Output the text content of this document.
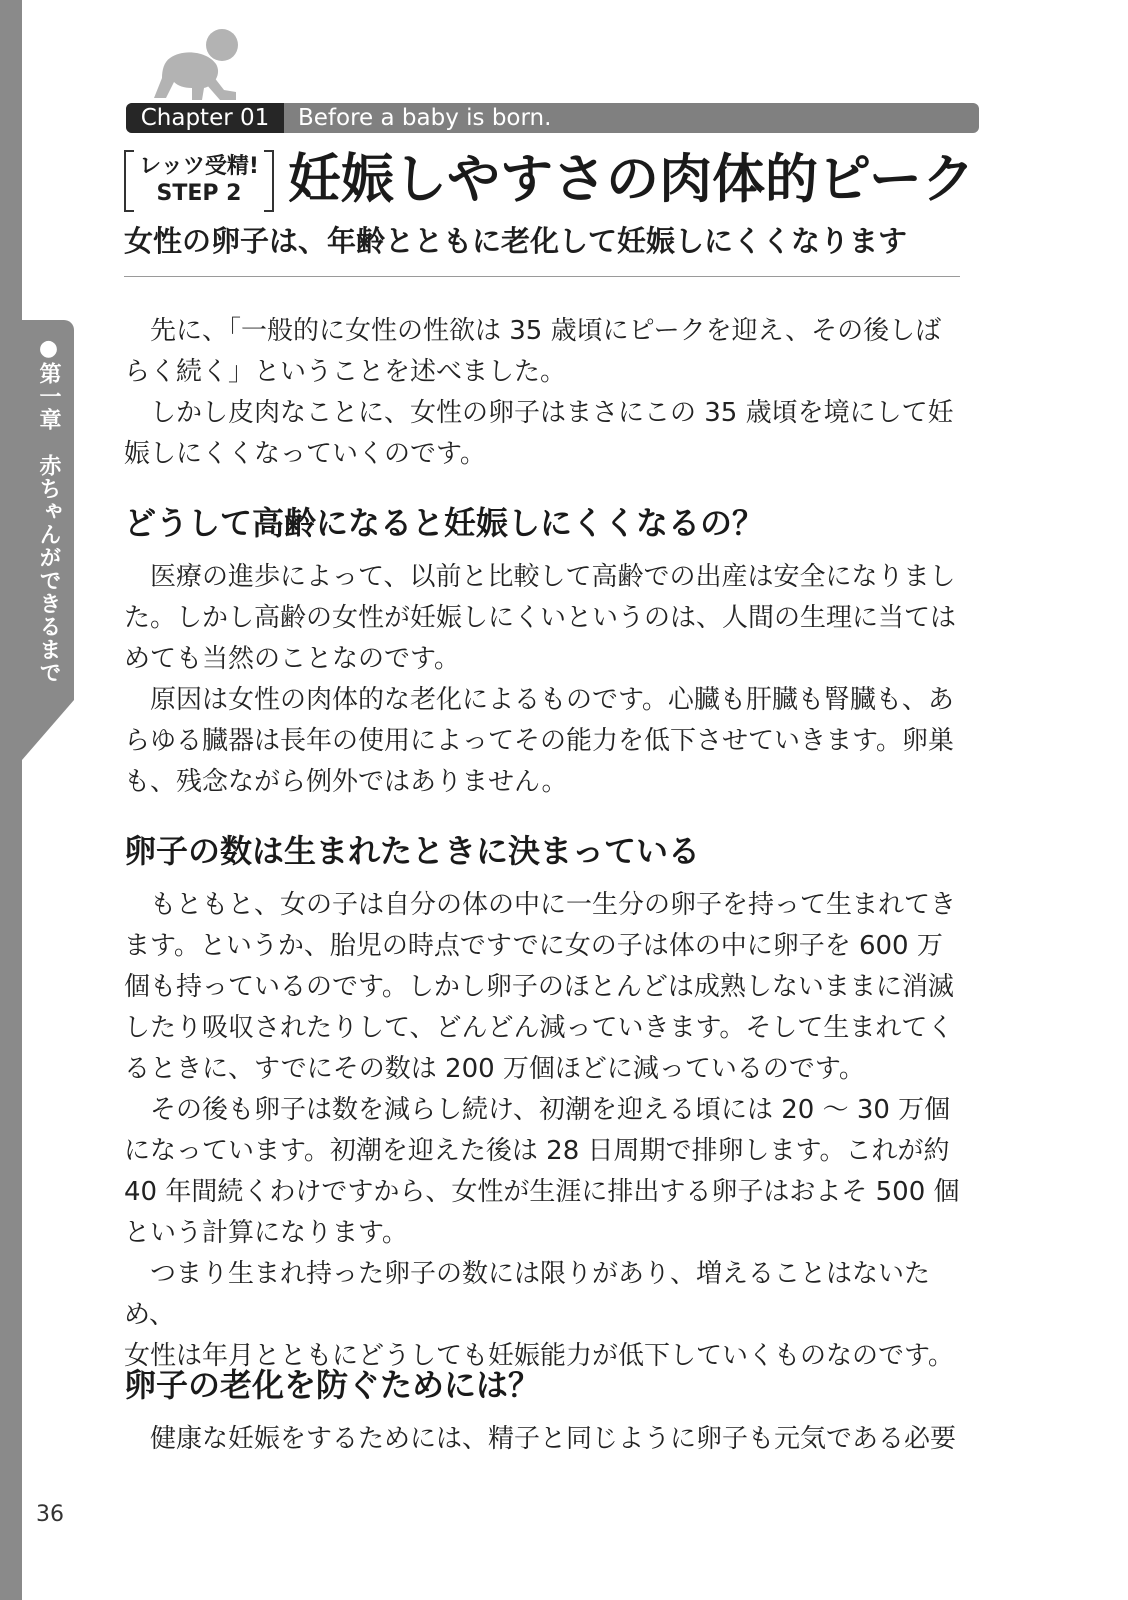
●第一章　赤ちゃんができるまで
Chapter 01	Before a baby is born.
レッツ受精!
STEP 2 妊娠しやすさの肉体的ピーク
女性の卵子は、年齢とともに老化して妊娠しにくくなります

　先に、「一般的に女性の性欲は 35 歳頃にピークを迎え、その後しば
らく続く」ということを述べました。

　しかし皮肉なことに、女性の卵子はまさにこの 35 歳頃を境にして妊
娠しにくくなっていくのです。

どうして高齢になると妊娠しにくくなるの？

　医療の進歩によって、以前と比較して高齢での出産は安全になりまし
た。しかし高齢の女性が妊娠しにくいというのは、人間の生理に当ては
めても当然のことなのです。

　原因は女性の肉体的な老化によるものです。心臓も肝臓も腎臓も、あ
らゆる臓器は長年の使用によってその能力を低下させていきます。卵巣
も、残念ながら例外ではありません。

卵子の数は生まれたときに決まっている

　もともと、女の子は自分の体の中に一生分の卵子を持って生まれてき
ます。というか、胎児の時点ですでに女の子は体の中に卵子を 600 万
個も持っているのです。しかし卵子のほとんどは成熟しないままに消滅
したり吸収されたりして、どんどん減っていきます。そして生まれてく
るときに、すでにその数は 200 万個ほどに減っているのです。

　その後も卵子は数を減らし続け、初潮を迎える頃には 20 ～ 30 万個
になっています。初潮を迎えた後は 28 日周期で排卵します。これが約
40 年間続くわけですから、女性が生涯に排出する卵子はおよそ 500 個
という計算になります。

　つまり生まれ持った卵子の数には限りがあり、増えることはないため、
女性は年月とともにどうしても妊娠能力が低下していくものなのです。

卵子の老化を防ぐためには？

　健康な妊娠をするためには、精子と同じように卵子も元気である必要

36
